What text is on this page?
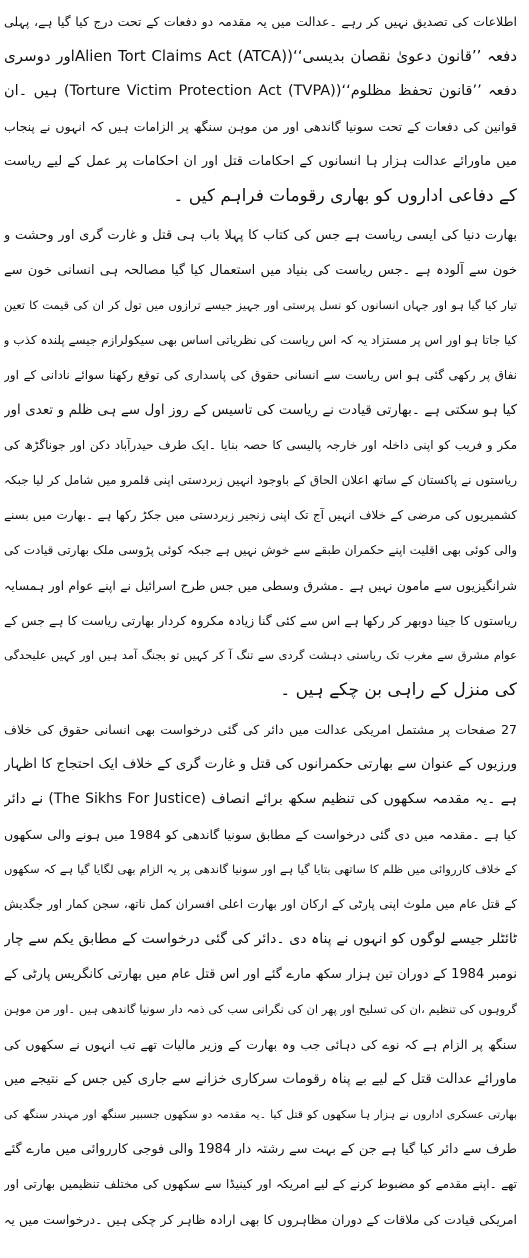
اطلاعات کی تصدیق نہیں کر رہے ۔عدالت میں یہ مقدمہ دو دفعات کے تحت درج کیا گیا ہے، پہلی
دفعہ ’’قانون دعویٰ نقصان بدیسی‘‘(Alien Tort Claims Act (ATCA)اور دوسری
دفعہ ’’قانون تحفظ مظلوم‘‘(Torture Victim Protection Act (TVPA)) ہیں ۔ان
قوانین کی دفعات کے تحت سونیا گاندھی اور من موہن سنگھ پر الزامات ہیں کہ انہوں نے پنجاب
میں ماورائے عدالت ہزار ہا انسانوں کے احکامات قتل اور ان احکامات پر عمل کے لیے ریاست
کے دفاعی اداروں کو بھاری رقومات فراہم کیں ۔
بھارت دنیا کی ایسی ریاست ہے جس کی کتاب کا پہلا باب ہی قتل و غارت گری اور وحشت و
خون سے آلودہ ہے ۔جس ریاست کی بنیاد میں استعمال کیا گیا مصالحہ ہی انسانی خون سے
تیار کیا گیا ہو اور جہاں انسانوں کو نسل پرستی اور جہیز جیسے ترازوں میں تول کر ان کی قیمت کا تعین
کیا جاتا ہو اور اس پر مستزاد یہ کہ اس ریاست کی نظریاتی اساس بھی سیکولرازم جیسے پلندہ کذب و
نفاق پر رکھی گئی ہو اس ریاست سے انسانی حقوق کی پاسداری کی توقع رکھنا سوائے نادانی کے اور
کیا ہو سکتی ہے ۔بھارتی قیادت نے ریاست کی تاسیس کے روز اول سے ہی ظلم و تعدی اور
مکر و فریب کو اپنی داخلہ اور خارجہ پالیسی کا حصہ بنایا ۔ایک طرف حیدرآباد دکن اور جوناگڑھ کی
ریاستوں نے پاکستان کے ساتھ اعلان الحاق کے باوجود انہیں زبردستی اپنی قلمرو میں شامل کر لیا جبکہ
کشمیریوں کی مرضی کے خلاف انہیں آج تک اپنی زنجیر زبردستی میں جکڑ رکھا ہے ۔بھارت میں بسنے
والی کوئی بھی اقلیت اپنے حکمران طبقے سے خوش نہیں ہے جبکہ کوئی پڑوسی ملک بھارتی قیادت کی
شرانگیزیوں سے مامون نہیں ہے ۔مشرق وسطی میں جس طرح اسرائیل نے اپنے عوام اور ہمسایہ
ریاستوں کا جینا دوبھر کر رکھا ہے اس سے کئی گنا زیادہ مکروہ کردار بھارتی ریاست کا ہے جس کے
عوام مشرق سے مغرب تک ریاستی دہشت گردی سے تنگ آ کر کہیں تو بجنگ آمد ہیں اور کہیں علیحدگی
کی منزل کے راہی بن چکے ہیں ۔
27 صفحات پر مشتمل امریکی عدالت میں دائر کی گئی درخواست بھی انسانی حقوق کی خلاف
ورزیوں کے عنوان سے بھارتی حکمرانوں کی قتل و غارت گری کے خلاف ایک احتجاج کا اظہار
ہے ۔یہ مقدمہ سکھوں کی تنظیم سکھ برائے انصاف (The Sikhs For Justice) نے دائر
کیا ہے ۔مقدمہ میں دی گئی درخواست کے مطابق سونیا گاندھی کو 1984 میں ہونے والی سکھوں
کے خلاف کارروائی میں ظلم کا ساتھی بتایا گیا ہے اور سونیا گاندھی پر یہ الزام بھی لگایا گیا ہے کہ سکھوں
کے قتل عام میں ملوث اپنی پارٹی کے ارکان اور بھارت اعلی افسران کمل ناتھ، سجن کمار اور جگدیش
ٹائٹلر جیسے لوگوں کو انہوں نے پناہ دی ۔دائر کی گئی درخواست کے مطابق یکم سے چار
نومبر 1984 کے دوران تین ہزار سکھ مارے گئے اور اس قتل عام میں بھارتی کانگریس پارٹی کے
گروہوں کی تنظیم ،ان کی تسلیح اور پھر ان کی نگرانی سب کی ذمہ دار سونیا گاندھی ہیں ۔اور من موہن
سنگھ پر الزام ہے کہ نوے کی دہائی جب وہ بھارت کے وزیر مالیات تھے تب انہوں نے سکھوں کی
ماورائے عدالت قتل کے لیے بے پناہ رقومات سرکاری خزانے سے جاری کیں جس کے نتیجے میں
بھارتی عسکری اداروں نے ہزار ہا سکھوں کو قتل کیا ۔یہ مقدمہ دو سکھوں جسبیر سنگھ اور مہندر سنگھ کی
طرف سے دائر کیا گیا ہے جن کے بہت سے رشتہ دار 1984 والی فوجی کارروائی میں مارے گئے
تھے ۔اپنے مقدمے کو مضبوط کرنے کے لیے امریکہ اور کینیڈا سے سکھوں کی مختلف تنظیمیں بھارتی اور
امریکی قیادت کی ملاقات کے دوران مظاہروں کا بھی ارادہ ظاہر کر چکی ہیں ۔درخواست میں یہ
